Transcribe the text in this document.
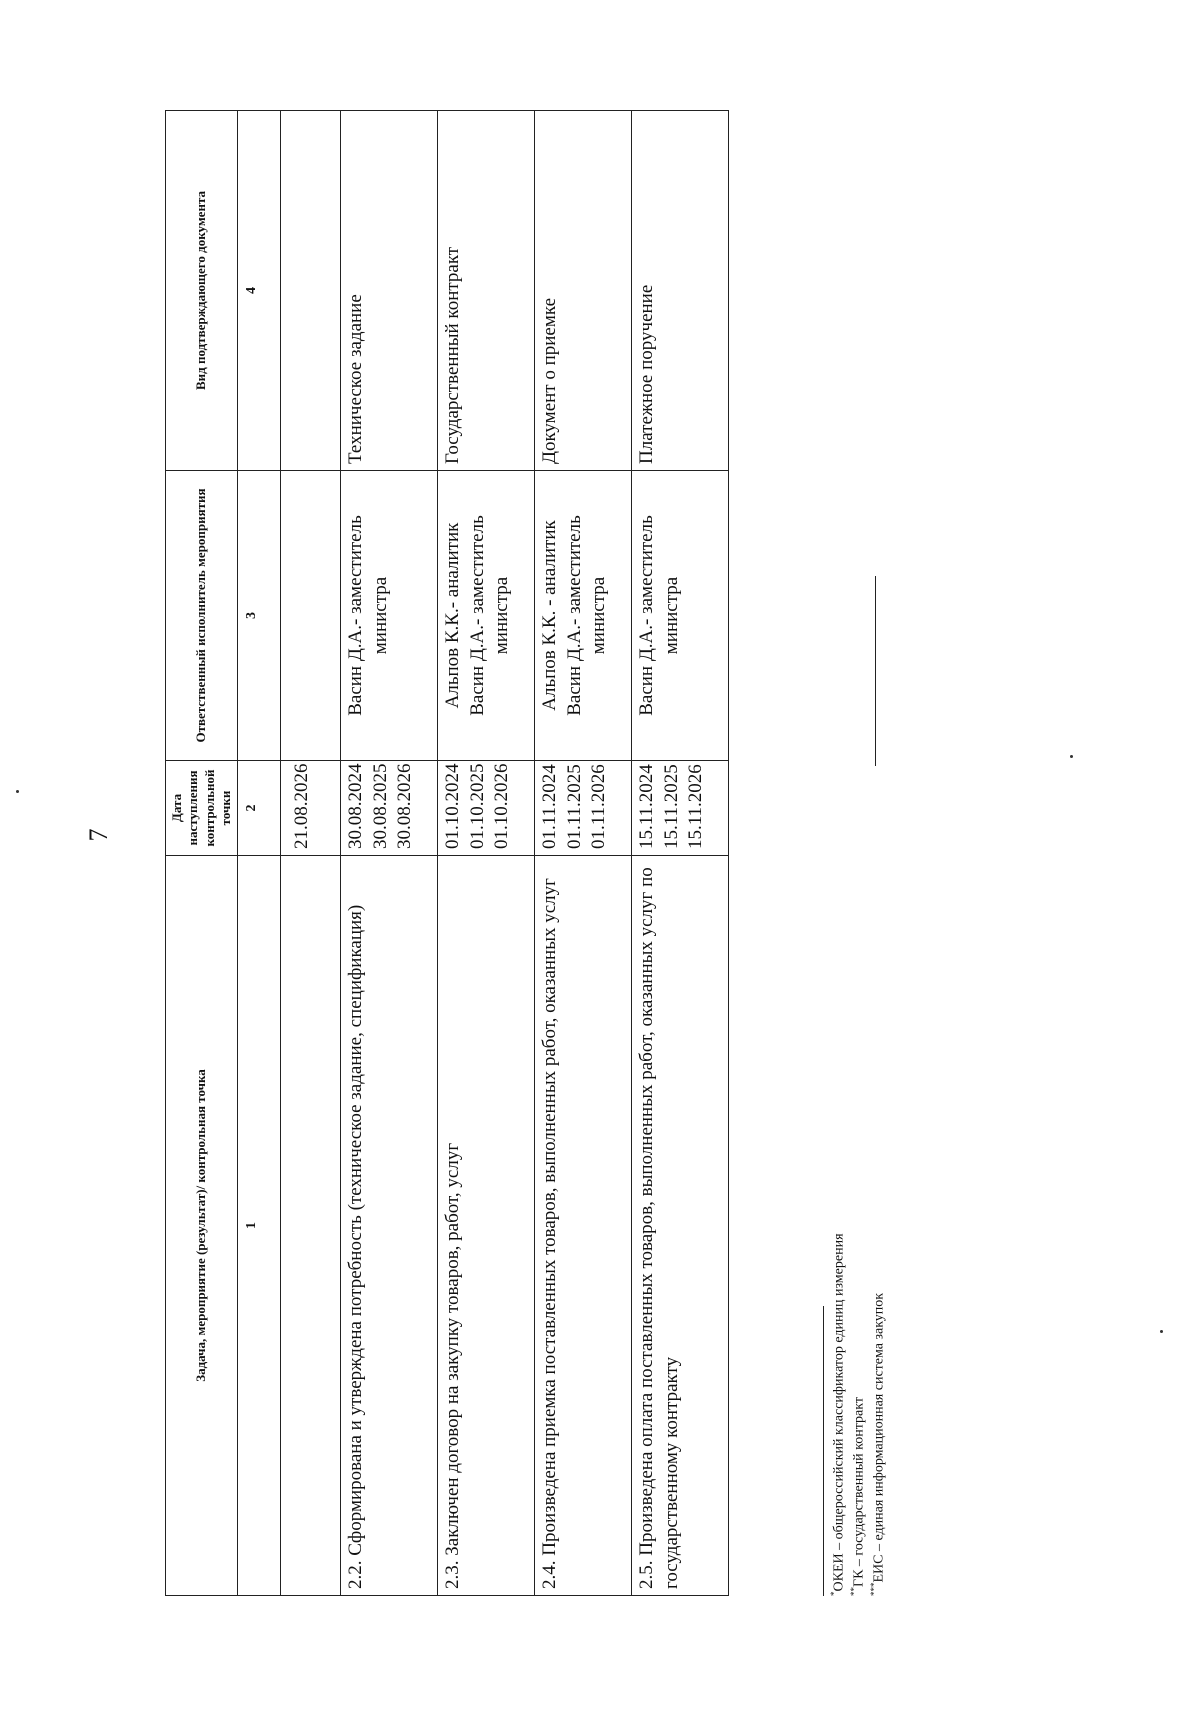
7
Задача, мероприятие (результат)/ контрольная точка	Дата наступления контрольной точки	Ответственный исполнитель мероприятия	Вид подтверждающего документа
1	2	3	4

	21.08.2026		

2.2. Сформирована и утверждена потребность (техническое задание, спецификация)	30.08.2024 30.08.2025 30.08.2026	Васин Д.А.- заместитель министра	Техническое задание
2.3. Заключен договор на закупку товаров, работ, услуг	01.10.2024 01.10.2025 01.10.2026	Альпов К.К.- аналитик Васин Д.А.- заместитель министра	Государственный контракт
2.4. Произведена приемка поставленных товаров, выполненных работ, оказанных услуг	01.11.2024 01.11.2025 01.11.2026	Альпов К.К. - аналитик Васин Д.А.- заместитель министра	Документ о приемке
2.5. Произведена оплата поставленных товаров, выполненных работ, оказанных услуг по государственному контракту	15.11.2024 15.11.2025 15.11.2026	Васин Д.А.- заместитель министра	Платежное поручение
*ОКЕИ – общероссийский классификатор единиц измерения **ГК – государственный контракт
***ЕИС – единая информационная система закупок
